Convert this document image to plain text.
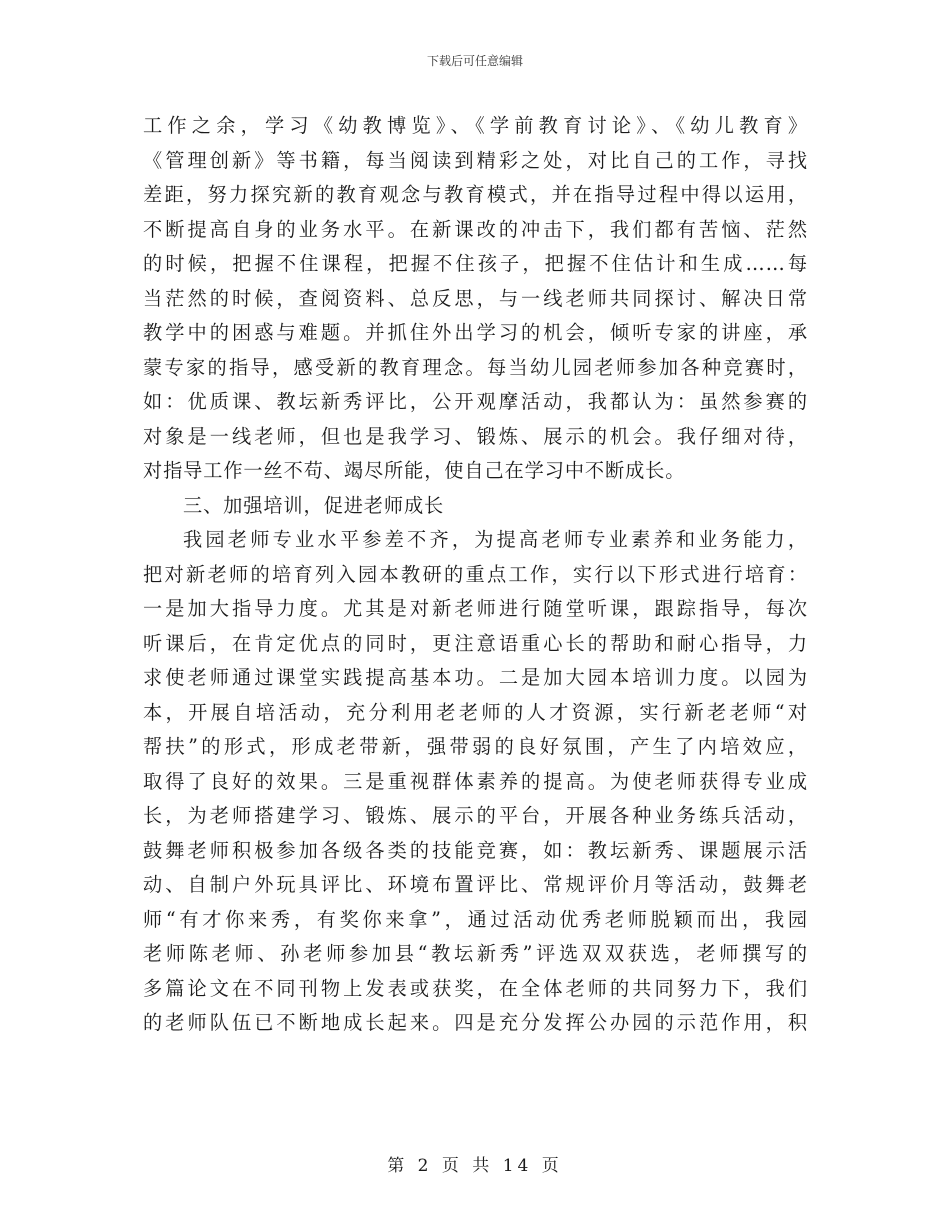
下载后可任意编辑
工作之余，学习《幼教博览》、《学前教育讨论》、《幼儿教育》
《管理创新》等书籍，每当阅读到精彩之处，对比自己的工作，寻找
差距，努力探究新的教育观念与教育模式，并在指导过程中得以运用，
不断提高自身的业务水平。在新课改的冲击下，我们都有苦恼、茫然
的时候，把握不住课程，把握不住孩子，把握不住估计和生成……每
当茫然的时候，查阅资料、总反思，与一线老师共同探讨、解决日常
教学中的困惑与难题。并抓住外出学习的机会，倾听专家的讲座，承
蒙专家的指导，感受新的教育理念。每当幼儿园老师参加各种竞赛时，
如：优质课、教坛新秀评比，公开观摩活动，我都认为：虽然参赛的
对象是一线老师，但也是我学习、锻炼、展示的机会。我仔细对待，
对指导工作一丝不苟、竭尽所能，使自己在学习中不断成长。
三、加强培训，促进老师成长
我园老师专业水平参差不齐，为提高老师专业素养和业务能力，
把对新老师的培育列入园本教研的重点工作，实行以下形式进行培育：
一是加大指导力度。尤其是对新老师进行随堂听课，跟踪指导，每次
听课后，在肯定优点的同时，更注意语重心长的帮助和耐心指导，力
求使老师通过课堂实践提高基本功。二是加大园本培训力度。以园为
本，开展自培活动，充分利用老老师的人才资源，实行新老老师“对
帮扶”的形式，形成老带新，强带弱的良好氛围，产生了内培效应，
取得了良好的效果。三是重视群体素养的提高。为使老师获得专业成
长，为老师搭建学习、锻炼、展示的平台，开展各种业务练兵活动，
鼓舞老师积极参加各级各类的技能竞赛，如：教坛新秀、课题展示活
动、自制户外玩具评比、环境布置评比、常规评价月等活动，鼓舞老
师“有才你来秀，有奖你来拿”，通过活动优秀老师脱颖而出，我园
老师陈老师、孙老师参加县“教坛新秀”评选双双获选，老师撰写的
多篇论文在不同刊物上发表或获奖，在全体老师的共同努力下，我们
的老师队伍已不断地成长起来。四是充分发挥公办园的示范作用，积
第 2 页 共 14 页
